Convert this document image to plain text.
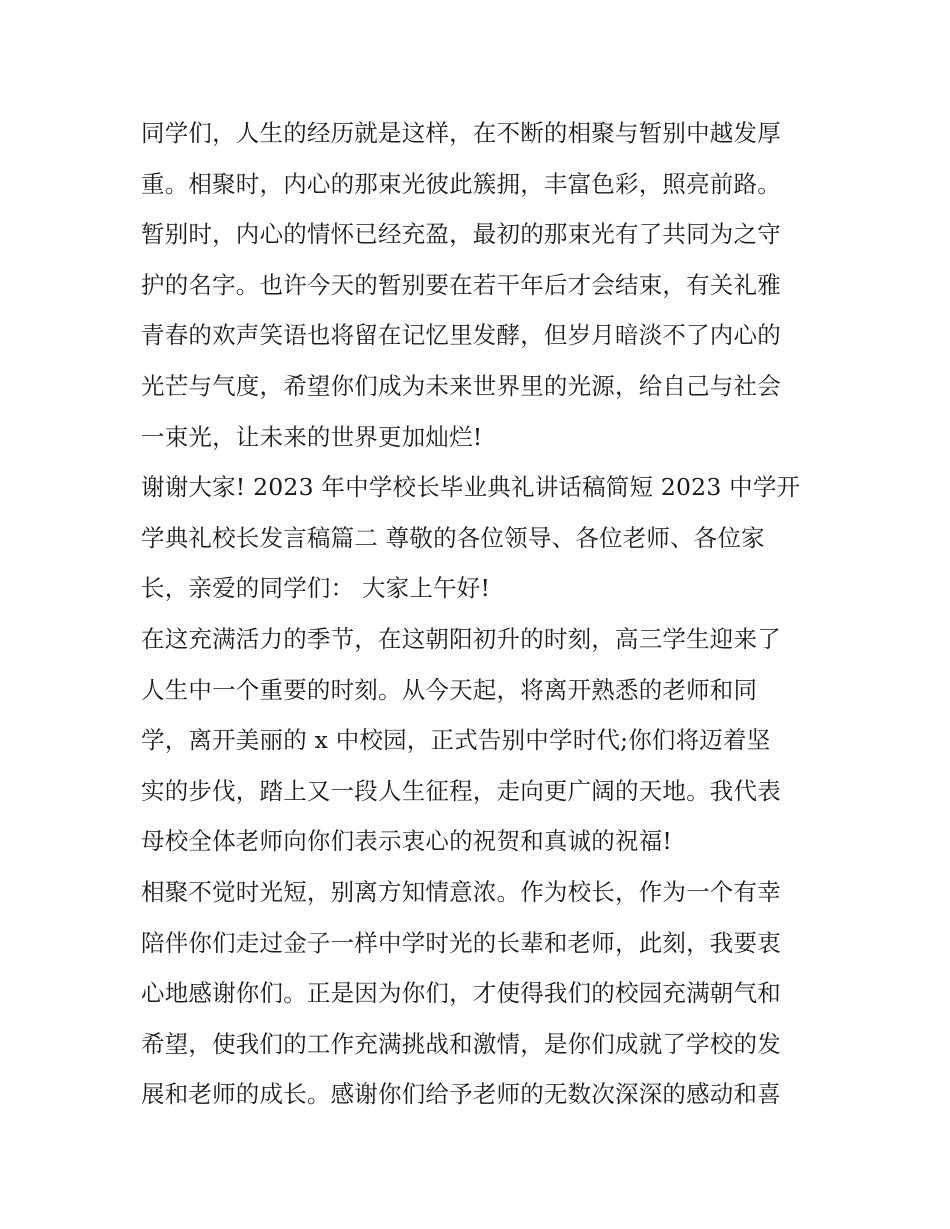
同学们，人生的经历就是这样，在不断的相聚与暂别中越发厚
重。相聚时，内心的那束光彼此簇拥，丰富色彩，照亮前路。
暂别时，内心的情怀已经充盈，最初的那束光有了共同为之守
护的名字。也许今天的暂别要在若干年后才会结束，有关礼雅
青春的欢声笑语也将留在记忆里发酵，但岁月暗淡不了内心的
光芒与气度，希望你们成为未来世界里的光源，给自己与社会
一束光，让未来的世界更加灿烂!
谢谢大家! 2023 年中学校长毕业典礼讲话稿简短 2023 中学开
学典礼校长发言稿篇二 尊敬的各位领导、各位老师、各位家
长，亲爱的同学们： 大家上午好!
在这充满活力的季节，在这朝阳初升的时刻，高三学生迎来了
人生中一个重要的时刻。从今天起，将离开熟悉的老师和同
学，离开美丽的 x 中校园，正式告别中学时代;你们将迈着坚
实的步伐，踏上又一段人生征程，走向更广阔的天地。我代表
母校全体老师向你们表示衷心的祝贺和真诚的祝福!
相聚不觉时光短，别离方知情意浓。作为校长，作为一个有幸
陪伴你们走过金子一样中学时光的长辈和老师，此刻，我要衷
心地感谢你们。正是因为你们，才使得我们的校园充满朝气和
希望，使我们的工作充满挑战和激情，是你们成就了学校的发
展和老师的成长。感谢你们给予老师的无数次深深的感动和喜
